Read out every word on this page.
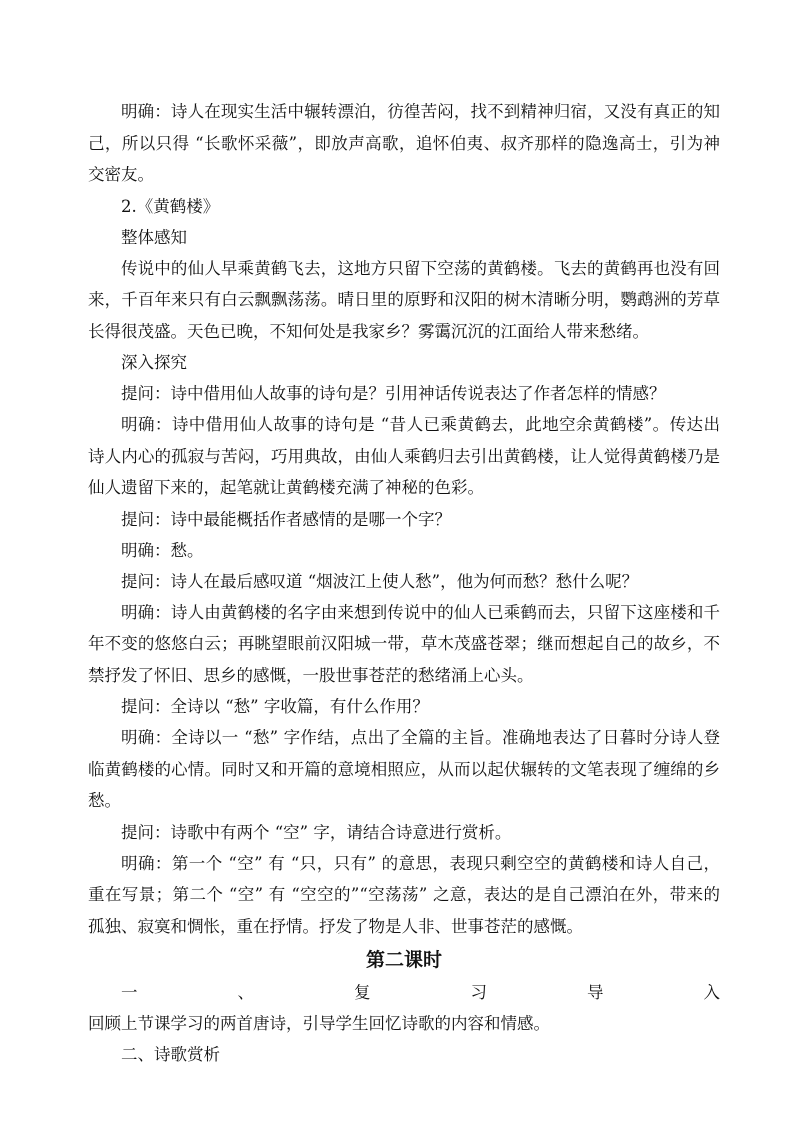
明确：诗人在现实生活中辗转漂泊，彷徨苦闷，找不到精神归宿，又没有真正的知己，所以只得 “长歌怀采薇”，即放声高歌，追怀伯夷、叔齐那样的隐逸高士，引为神交密友。

2.《黄鹤楼》

整体感知

传说中的仙人早乘黄鹤飞去，这地方只留下空荡的黄鹤楼。飞去的黄鹤再也没有回来，千百年来只有白云飘飘荡荡。晴日里的原野和汉阳的树木清晰分明，鹦鹉洲的芳草长得很茂盛。天色已晚，不知何处是我家乡？雾霭沉沉的江面给人带来愁绪。

深入探究

提问：诗中借用仙人故事的诗句是？引用神话传说表达了作者怎样的情感？

明确：诗中借用仙人故事的诗句是 “昔人已乘黄鹤去，此地空余黄鹤楼”。传达出诗人内心的孤寂与苦闷，巧用典故，由仙人乘鹤归去引出黄鹤楼，让人觉得黄鹤楼乃是仙人遗留下来的，起笔就让黄鹤楼充满了神秘的色彩。

提问：诗中最能概括作者感情的是哪一个字？

明确：愁。

提问：诗人在最后感叹道 “烟波江上使人愁”，他为何而愁？愁什么呢？

明确：诗人由黄鹤楼的名字由来想到传说中的仙人已乘鹤而去，只留下这座楼和千年不变的悠悠白云；再眺望眼前汉阳城一带，草木茂盛苍翠；继而想起自己的故乡，不禁抒发了怀旧、思乡的感慨，一股世事苍茫的愁绪涌上心头。

提问：全诗以 “愁” 字收篇，有什么作用？

明确：全诗以一 “愁” 字作结，点出了全篇的主旨。准确地表达了日暮时分诗人登临黄鹤楼的心情。同时又和开篇的意境相照应，从而以起伏辗转的文笔表现了缠绵的乡愁。

提问：诗歌中有两个 “空” 字，请结合诗意进行赏析。

明确：第一个 “空” 有 “只，只有” 的意思，表现只剩空空的黄鹤楼和诗人自己，重在写景；第二个 “空” 有 “空空的”“空荡荡” 之意，表达的是自己漂泊在外，带来的孤独、寂寞和惆怅，重在抒情。抒发了物是人非、世事苍茫的感慨。

第二课时
一	、	复	习	导	入

回顾上节课学习的两首唐诗，引导学生回忆诗歌的内容和情感。

二、诗歌赏析
